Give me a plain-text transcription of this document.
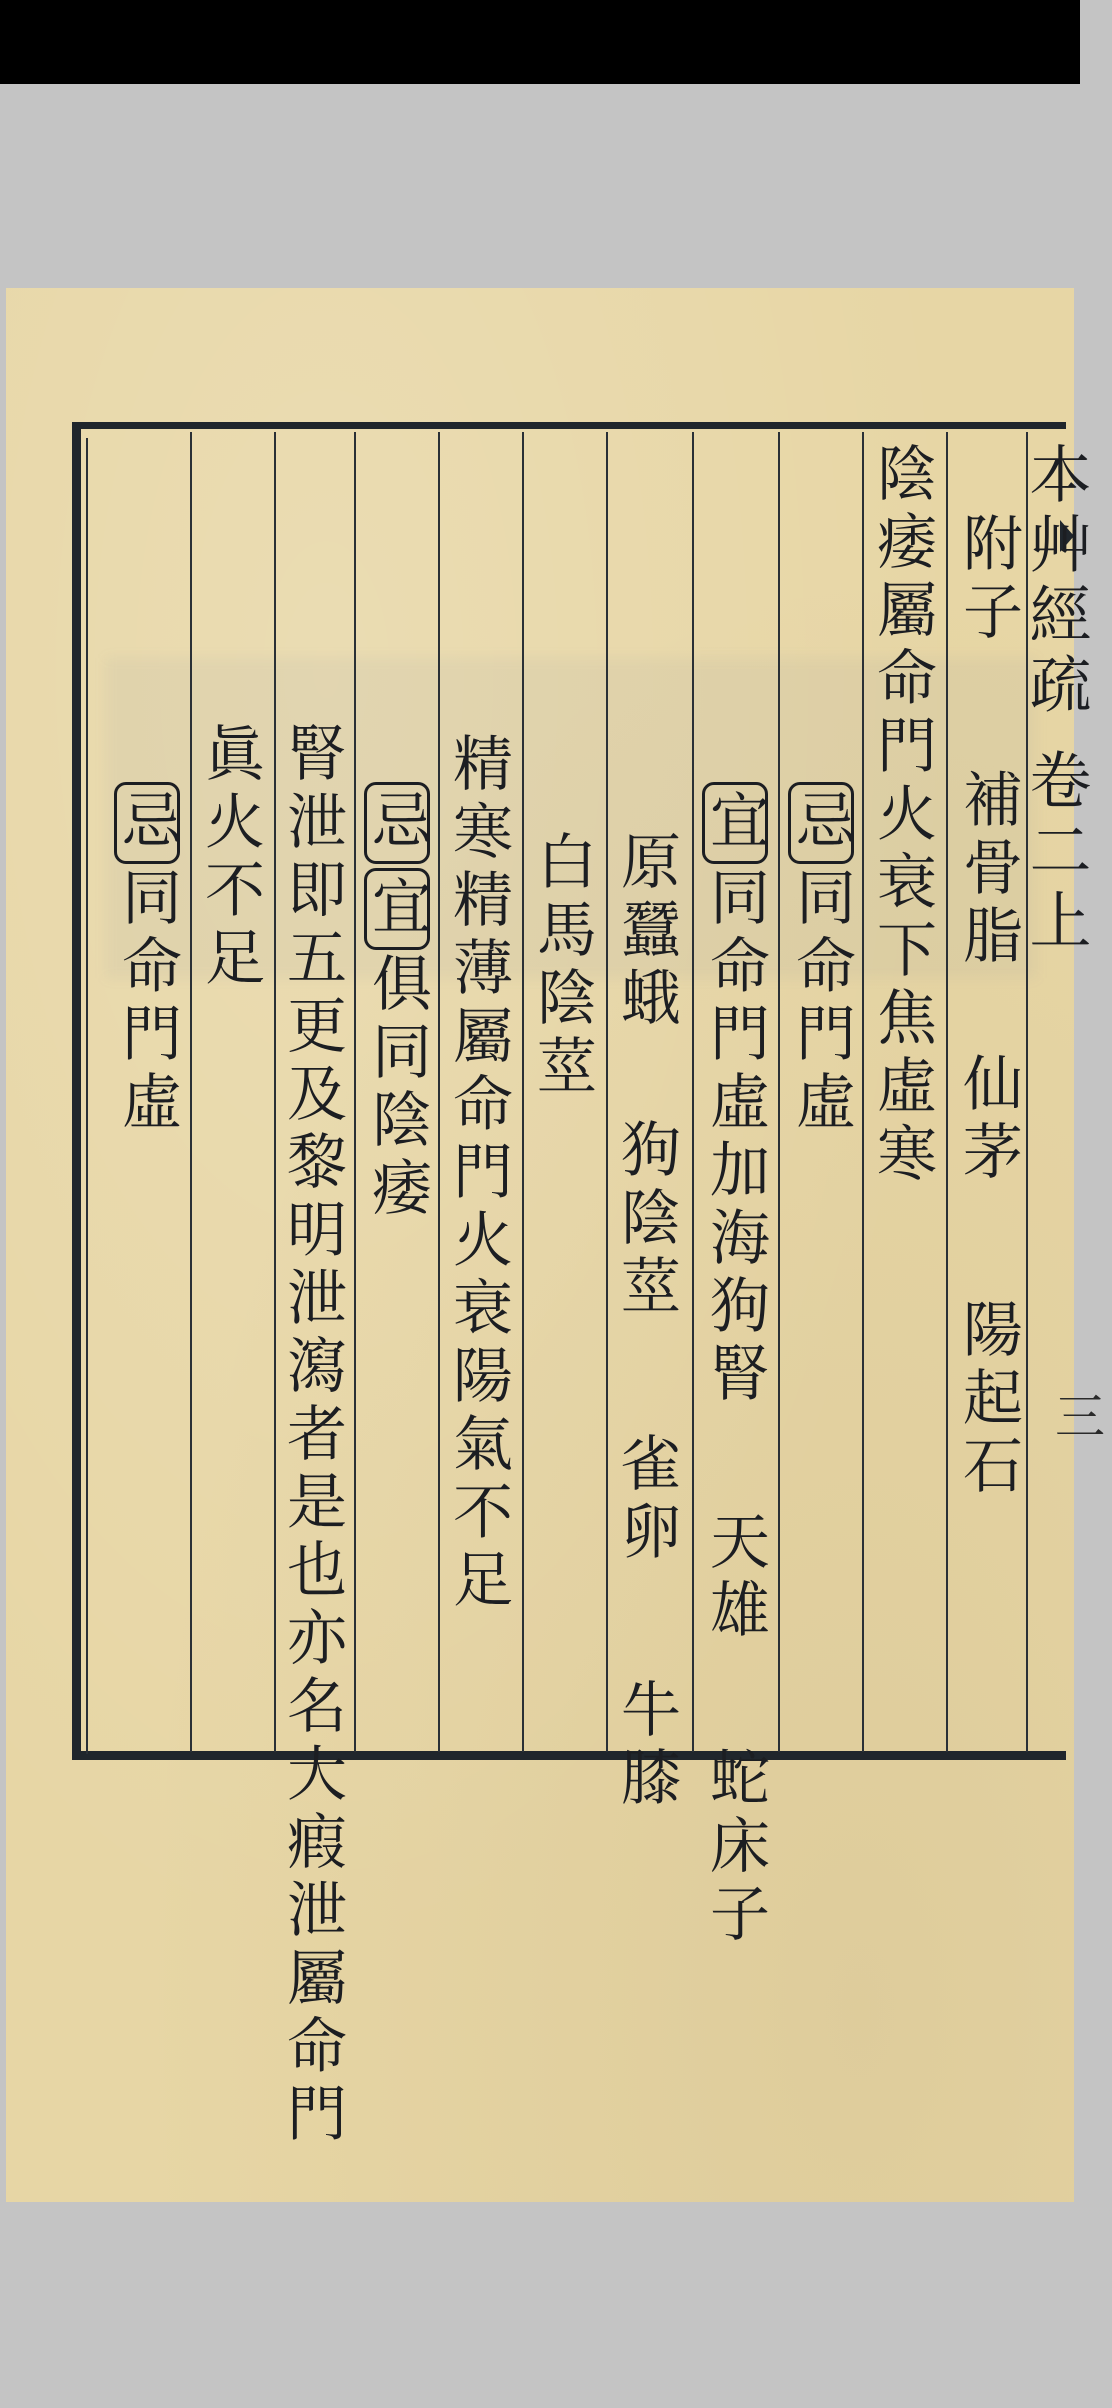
本艸經疏卷二上
三
附子補骨脂仙茅陽起石
陰痿屬命門火衰下焦虛寒
忌同命門虛
宜同命門虛加海狗腎天雄蛇床子
原蠶蛾狗陰莖雀卵牛膝
白馬陰莖
精寒精薄屬命門火衰陽氣不足
忌宜俱同陰痿
腎泄即五更及黎明泄瀉者是也亦名大瘕泄屬命門
眞火不足
忌同命門虛
